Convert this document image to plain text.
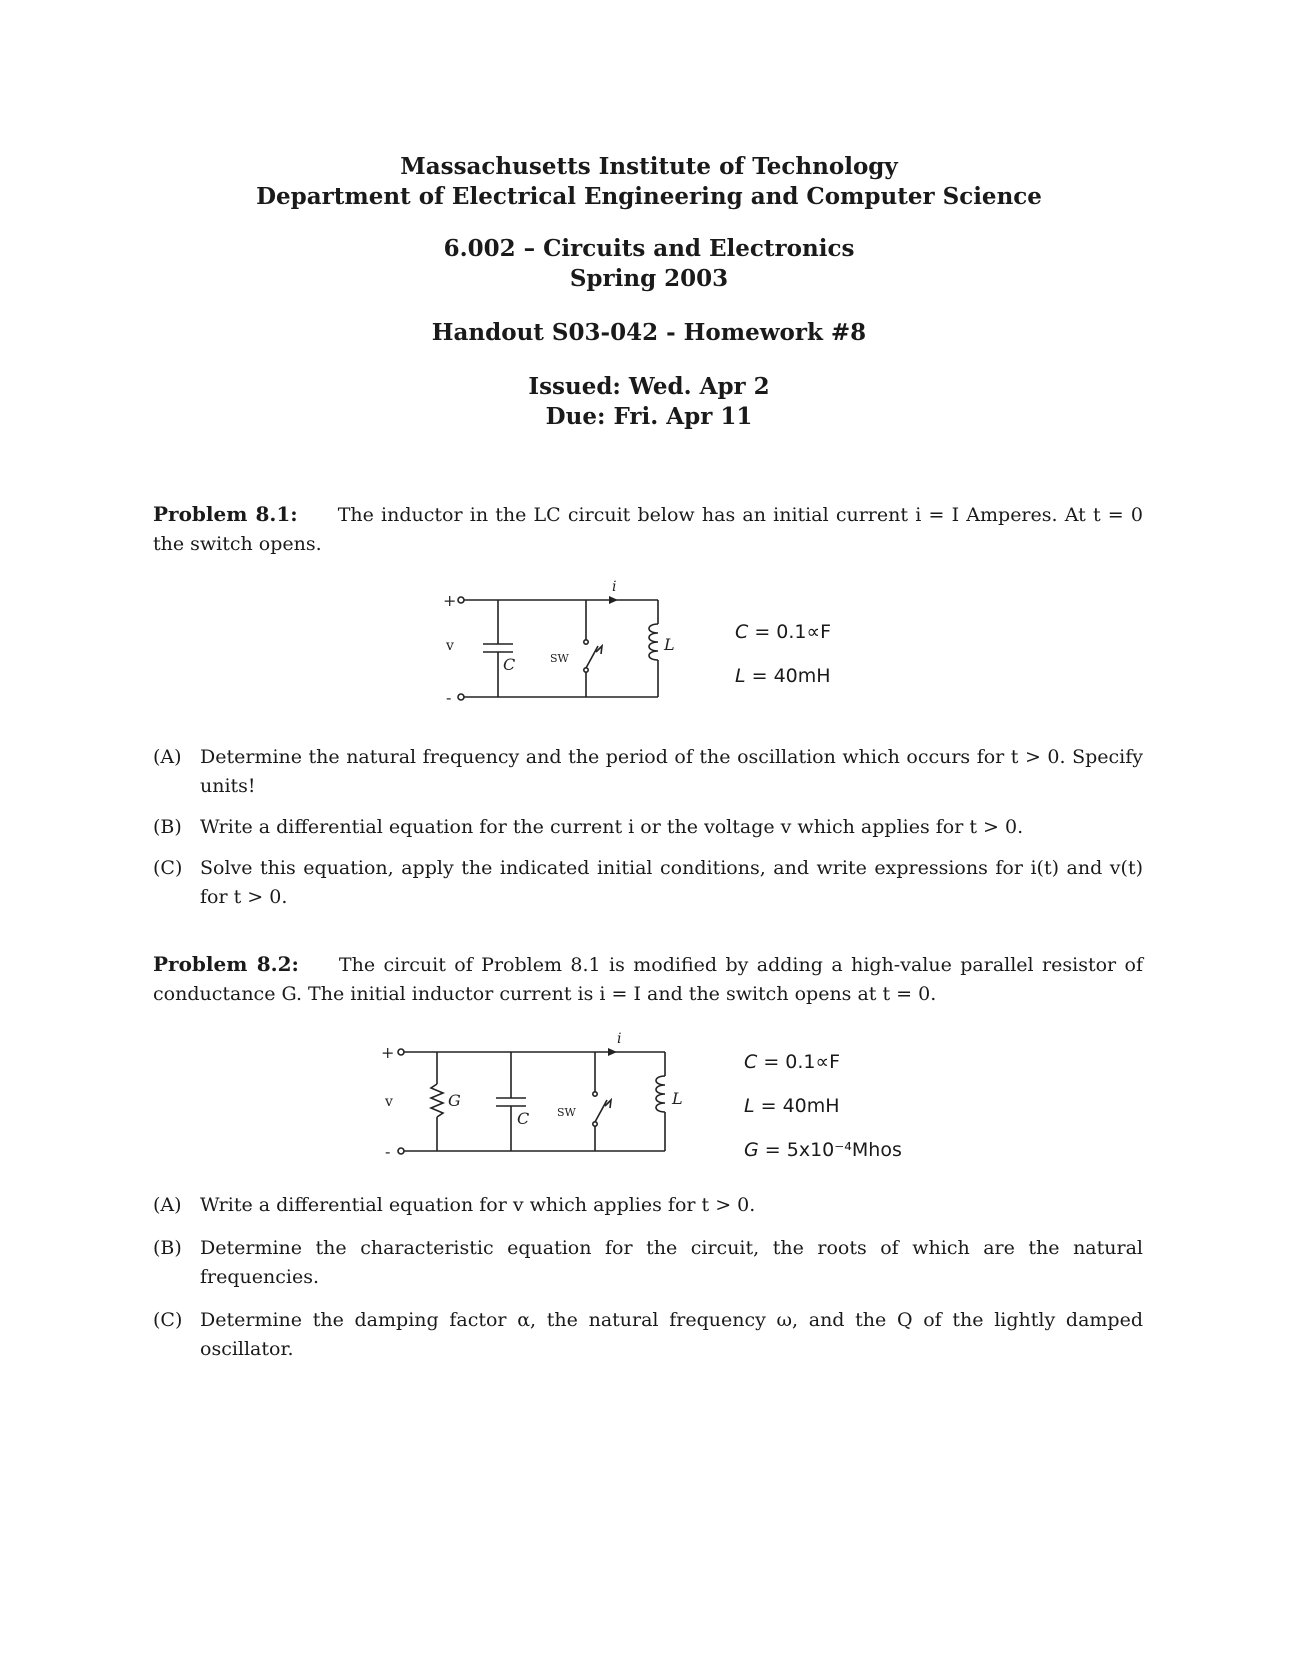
Massachusetts Institute of Technology
Department of Electrical Engineering and Computer Science
6.002 – Circuits and Electronics
Spring 2003
Handout S03-042 - Homework #8
Issued: Wed. Apr 2
Due: Fri. Apr 11
Problem 8.1: The inductor in the LC circuit below has an initial current i = I Amperes. At t = 0 the switch opens.
+
-
v
i
C	SW
L
C = 0.1∝F
L = 40mH
(A) Determine the natural frequency and the period of the oscillation which occurs for t > 0. Specify units!
(B) Write a differential equation for the current i or the voltage v which applies for t > 0.
(C) Solve this equation, apply the indicated initial conditions, and write expressions for i(t) and v(t) for t > 0.
Problem 8.2: The circuit of Problem 8.1 is modified by adding a high-value parallel resistor of conductance G. The initial inductor current is i = I and the switch opens at t = 0.
+
-
v
i
G
C	SW
L
C = 0.1∝F
L = 40mH
G = 5x10⁻⁴Mhos
(A) Write a differential equation for v which applies for t > 0.
(B) Determine the characteristic equation for the circuit, the roots of which are the natural frequencies.
(C) Determine the damping factor α, the natural frequency ω, and the Q of the lightly damped oscillator.
